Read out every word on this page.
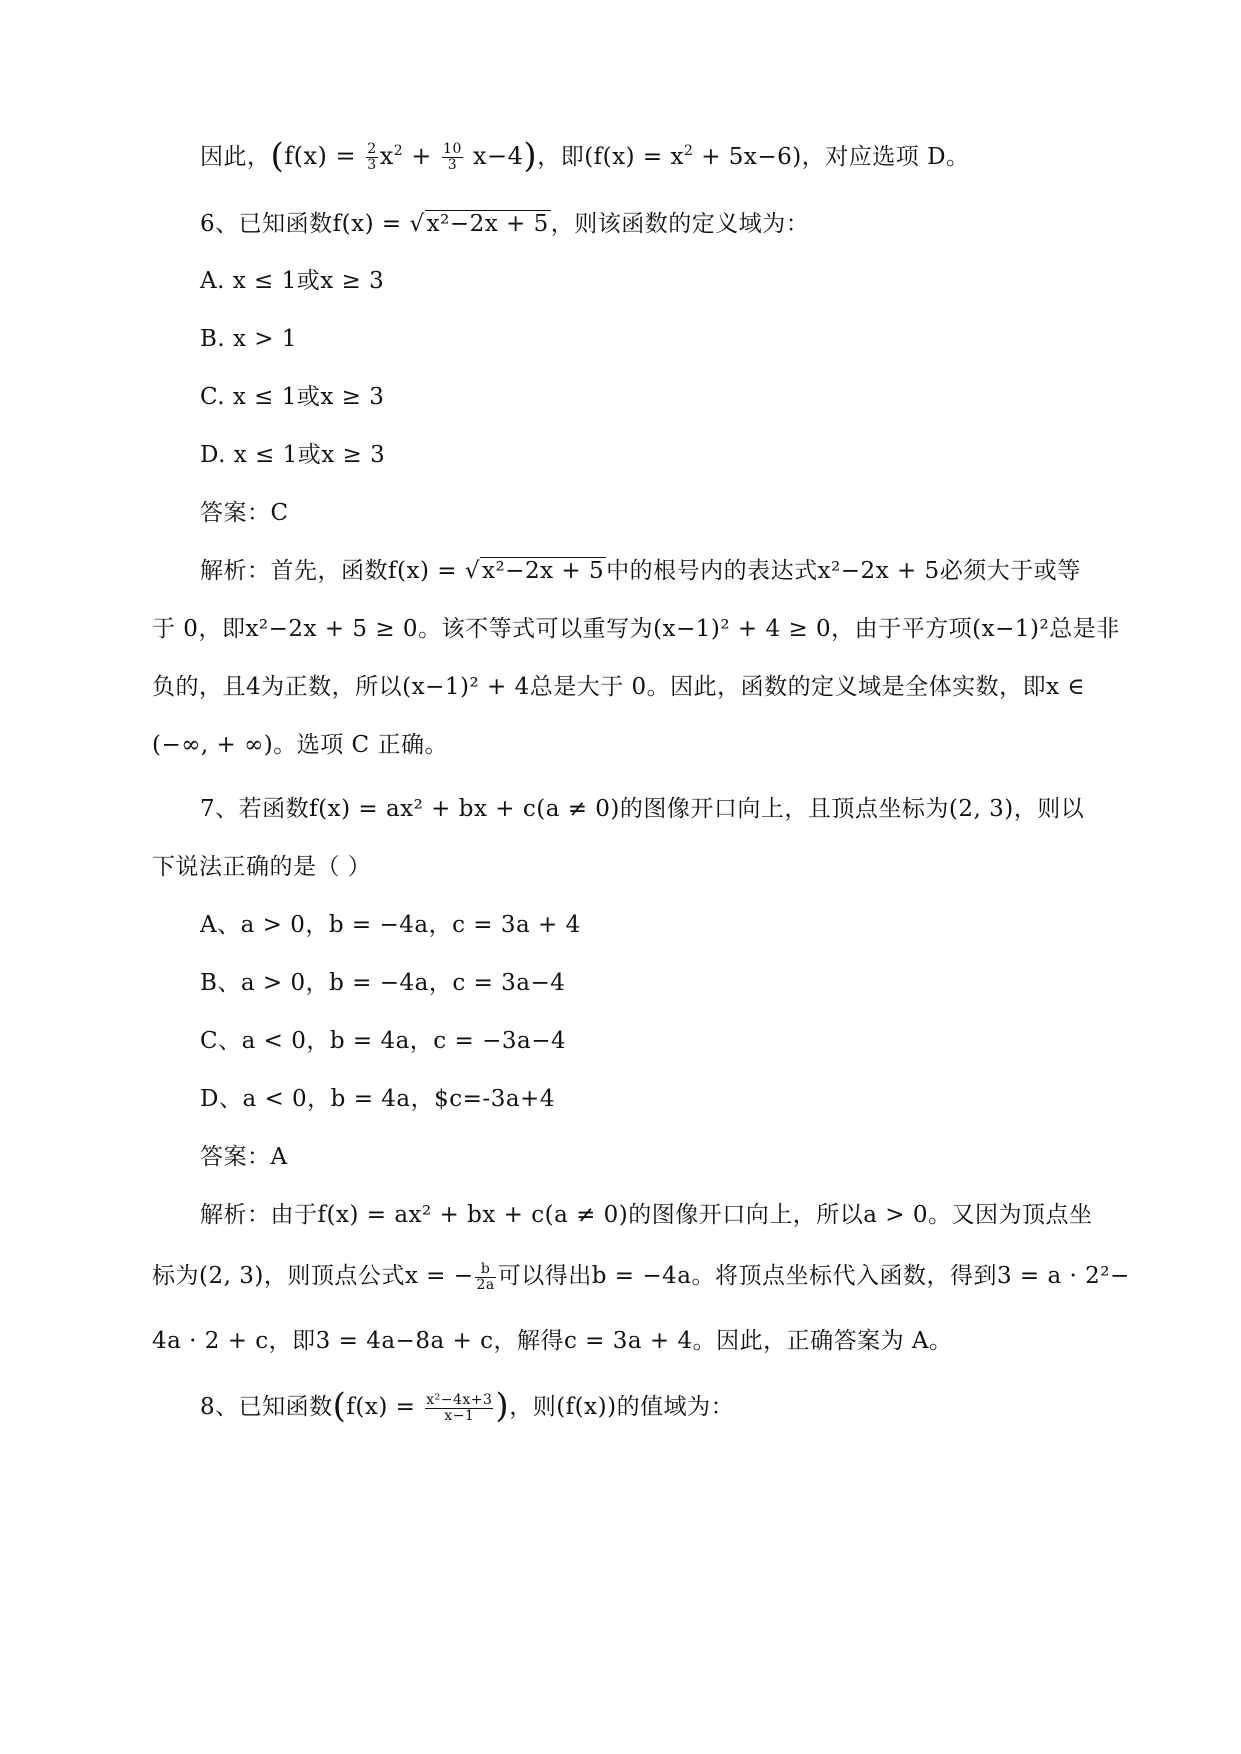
因此，$(f(x) = \frac{2}{3} x^2 + \frac{10}{3} x-4)$，即$(f(x) = x^2 + 5x-6)$，对应选项 D。
6、已知函数f(x) = √x²−2x + 5，则该函数的定义域为：
A. x ≤ 1或x ≥ 3
B. x > 1
C. x ≤ 1或x ≥ 3
D. x ≤ 1或x ≥ 3
答案：C
解析：首先，函数f(x) = √x²−2x + 5中的根号内的表达式x²−2x + 5必须大于或等
于 0，即x²−2x + 5 ≥ 0。该不等式可以重写为(x−1)² + 4 ≥ 0，由于平方项(x−1)²总是非
负的，且4为正数，所以(x−1)² + 4总是大于 0。因此，函数的定义域是全体实数，即x ∈
(−∞, + ∞)。选项 C 正确。
7、若函数f(x) = ax² + bx + c(a ≠ 0)的图像开口向上，且顶点坐标为(2, 3)，则以
下说法正确的是（ ）
A、a > 0，b = −4a，c = 3a + 4
B、a > 0，b = −4a，c = 3a−4
C、a < 0，b = 4a，c = −3a−4
D、a < 0，b = 4a，$c=-3a+4
答案：A
解析：由于f(x) = ax² + bx + c(a ≠ 0)的图像开口向上，所以a > 0。又因为顶点坐
标为(2, 3)，则顶点公式x = − $\frac{b}{2a}$ 可以得出b = −4a。将顶点坐标代入函数，得到3 = a · 2²−
4a · 2 + c，即3 = 4a−8a + c，解得c = 3a + 4。因此，正确答案为 A。
8、已知函数($f(x) = \frac{\text{x²−4x+3}}{x-1}$ )，则(f(x))的值域为：
